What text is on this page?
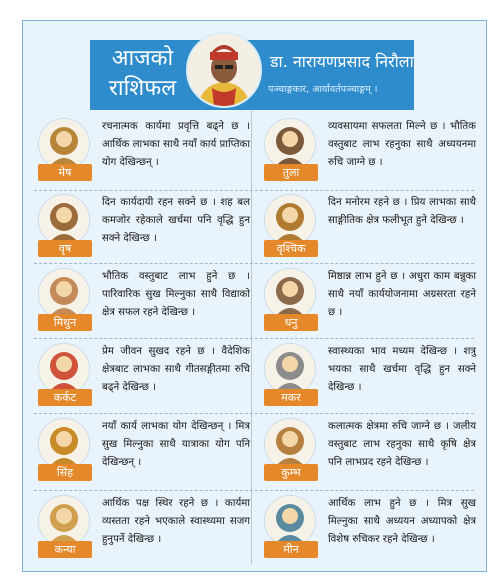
आजको
राशिफल
डा. नारायणप्रसाद निरौला
पञ्चाङ्गकार, आर्यावर्तपञ्चाङ्गम् ।
मेष
रचनात्मक कार्यमा प्रवृत्ति बढ्ने छ । आर्थिक लाभका साथै नयाँ कार्य प्राप्तिका योग देखिन्छन् ।
तुला
व्यवसायमा सफलता मिल्ने छ । भौतिक वस्तुबाट लाभ रहनुका साथै अध्ययनमा रुचि जाग्ने छ ।
वृष
दिन कार्यदायी रहन सक्ने छ । शह बल कमजोर रहेकाले खर्चमा पनि वृद्धि हुन सक्ने देखिन्छ ।
वृश्चिक
दिन मनोरम रहने छ । प्रिय लाभका साथै साङ्गीतिक क्षेत्र फलीभूत हुने देखिन्छ ।
मिथुन
भौतिक वस्तुबाट लाभ हुने छ । पारिवारिक सुख मिल्नुका साथै विद्याको क्षेत्र सफल रहने देखिन्छ ।
धनु
मिष्ठान्न लाभ हुने छ । अधुरा काम बन्नुका साथै नयाँ कार्ययोजनामा अग्रसरता रहने छ ।
कर्कट
प्रेम जीवन सुखद रहने छ । वैदेशिक क्षेत्रबाट लाभका साथै गीतसङ्गीतमा रुचि बढ्ने देखिन्छ ।
मकर
स्वास्थ्यका भाव मध्यम देखिन्छ । शत्रु भयका साथै खर्चमा वृद्धि हुन सक्ने देखिन्छ ।
सिंह
नयाँ कार्य लाभका योग देखिन्छन् । मित्र सुख मिल्नुका साथै यात्राका योग पनि देखिन्छन् ।
कुम्भ
कलात्मक क्षेत्रमा रुचि जाग्ने छ । जलीय वस्तुबाट लाभ रहनुका साथै कृषि क्षेत्र पनि लाभप्रद रहने देखिन्छ ।
कन्या
आर्थिक पक्ष स्थिर रहने छ । कार्यमा व्यस्तता रहने भएकाले स्वास्थ्यमा सजग हुनुपर्ने देखिन्छ ।
मीन
आर्थिक लाभ हुने छ । मित्र सुख मिल्नुका साथै अध्ययन अध्यापको क्षेत्र विशेष रुचिकर रहने देखिन्छ ।
